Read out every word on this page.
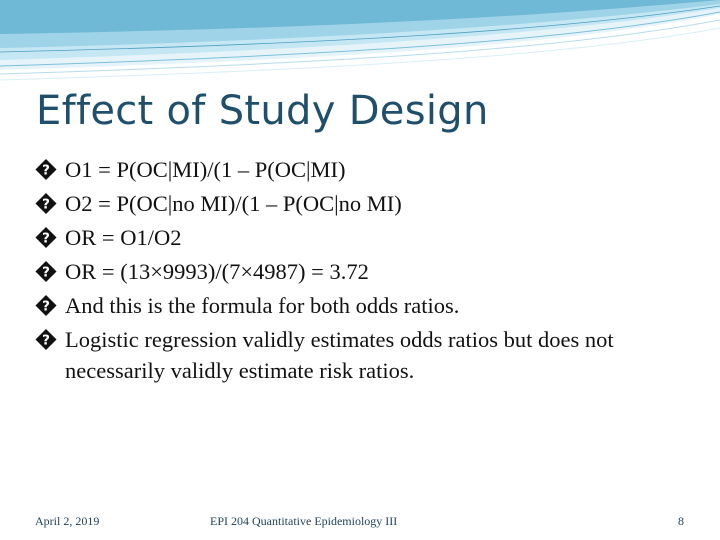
Effect of Study Design
? O1 = P(OC|MI)/(1 – P(OC|MI)
? O2 = P(OC|no MI)/(1 – P(OC|no MI)
? OR = O1/O2
? OR = (13×9993)/(7×4987) = 3.72
? And this is the formula for both odds ratios.
? Logistic regression validly estimates odds ratios but does not necessarily validly estimate risk ratios.
April 2, 2019	EPI 204 Quantitative Epidemiology III	8
